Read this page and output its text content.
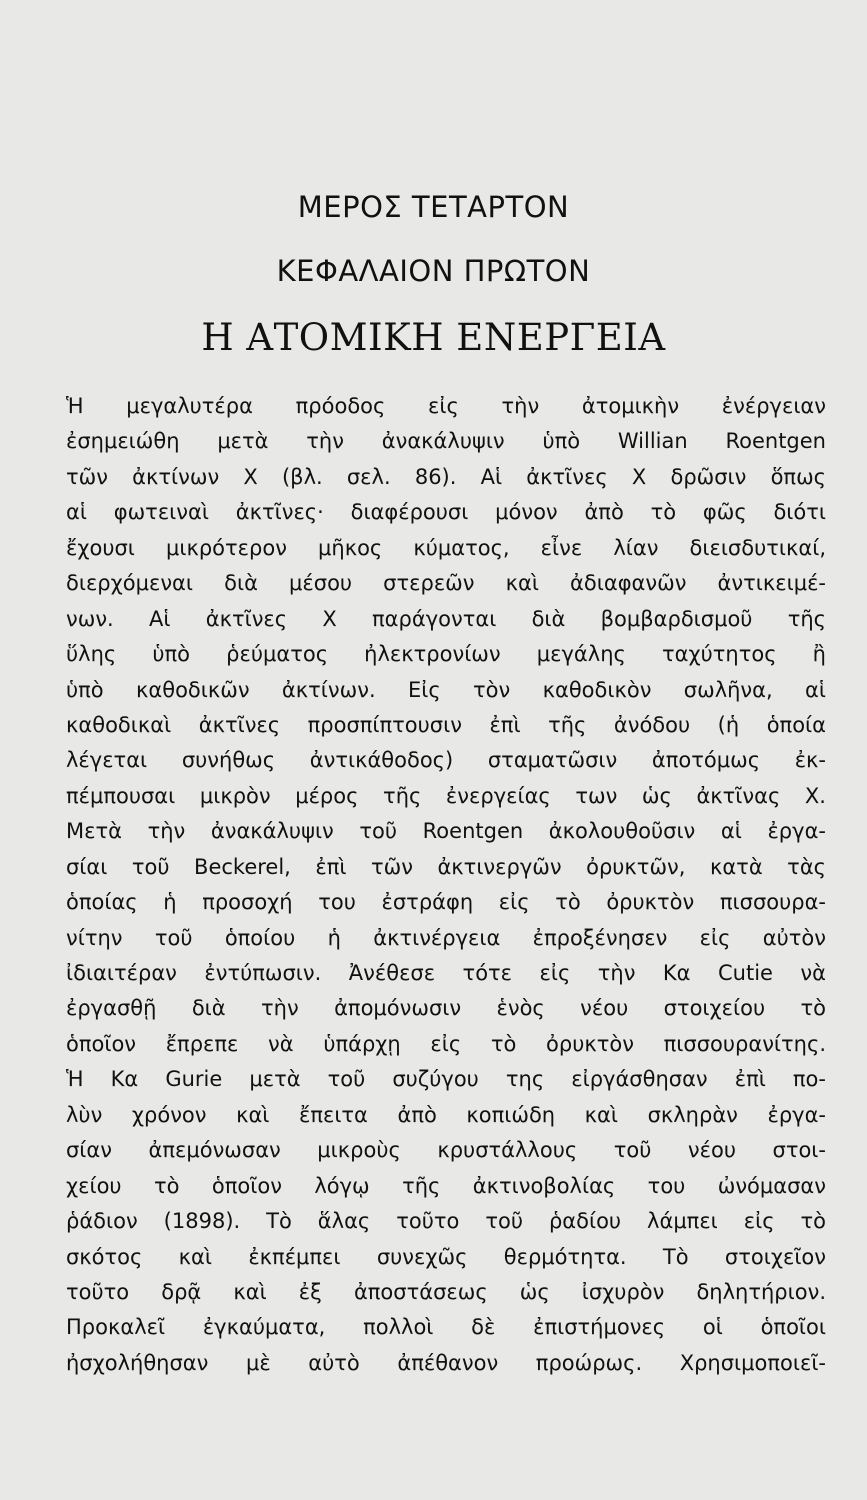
ΜΕΡΟΣ ΤΕΤΑΡΤΟΝ
ΚΕΦΑΛΑΙΟΝ ΠΡΩΤΟΝ
Η ΑΤΟΜΙΚΗ ΕΝΕΡΓΕΙΑ
Ἡ μεγαλυτέρα πρόοδος εἰς τὴν ἀτομικὴν ἐνέργειαν
ἐσημειώθη μετὰ τὴν ἀνακάλυψιν ὑπὸ Willian Roentgen
τῶν ἀκτίνων Χ (βλ. σελ. 86). Αἱ ἀκτῖνες Χ δρῶσιν ὅπως
αἱ φωτειναὶ ἀκτῖνες· διαφέρουσι μόνον ἀπὸ τὸ φῶς διότι
ἔχουσι μικρότερον μῆκος κύματος, εἶνε λίαν διεισδυτικαί,
διερχόμεναι διὰ μέσου στερεῶν καὶ ἀδιαφανῶν ἀντικειμέ-
νων. Αἱ ἀκτῖνες Χ παράγονται διὰ βομβαρδισμοῦ τῆς
ὕλης ὑπὸ ῥεύματος ἠλεκτρονίων μεγάλης ταχύτητος ἢ
ὑπὸ καθοδικῶν ἀκτίνων. Εἰς τὸν καθοδικὸν σωλῆνα, αἱ
καθοδικαὶ ἀκτῖνες προσπίπτουσιν ἐπὶ τῆς ἀνόδου (ἡ ὁποία
λέγεται συνήθως ἀντικάθοδος) σταματῶσιν ἀποτόμως ἐκ-
πέμπουσαι μικρὸν μέρος τῆς ἐνεργείας των ὡς ἀκτῖνας Χ.
Μετὰ τὴν ἀνακάλυψιν τοῦ Roentgen ἀκολουθοῦσιν αἱ ἐργα-
σίαι τοῦ Beckerel, ἐπὶ τῶν ἀκτινεργῶν ὀρυκτῶν, κατὰ τὰς
ὁποίας ἡ προσοχή του ἐστράφη εἰς τὸ ὀρυκτὸν πισσουρα-
νίτην τοῦ ὁποίου ἡ ἀκτινέργεια ἐπροξένησεν εἰς αὐτὸν
ἰδιαιτέραν ἐντύπωσιν. Ἀνέθεσε τότε εἰς τὴν Κα Cutie νὰ
ἐργασθῇ διὰ τὴν ἀπομόνωσιν ἑνὸς νέου στοιχείου τὸ
ὁποῖον ἔπρεπε νὰ ὑπάρχῃ εἰς τὸ ὀρυκτὸν πισσουρανίτης.
Ἡ Κα Gurie μετὰ τοῦ συζύγου της εἰργάσθησαν ἐπὶ πο-
λὺν χρόνον καὶ ἔπειτα ἀπὸ κοπιώδη καὶ σκληρὰν ἐργα-
σίαν ἀπεμόνωσαν μικροὺς κρυστάλλους τοῦ νέου στοι-
χείου τὸ ὁποῖον λόγῳ τῆς ἀκτινοβολίας του ὠνόμασαν
ῥάδιον (1898). Τὸ ἅλας τοῦτο τοῦ ῥαδίου λάμπει εἰς τὸ
σκότος καὶ ἐκπέμπει συνεχῶς θερμότητα. Τὸ στοιχεῖον
τοῦτο δρᾷ καὶ ἐξ ἀποστάσεως ὡς ἰσχυρὸν δηλητήριον.
Προκαλεῖ ἐγκαύματα, πολλοὶ δὲ ἐπιστήμονες οἱ ὁποῖοι
ἠσχολήθησαν μὲ αὐτὸ ἀπέθανον προώρως. Χρησιμοποιεῖ-
